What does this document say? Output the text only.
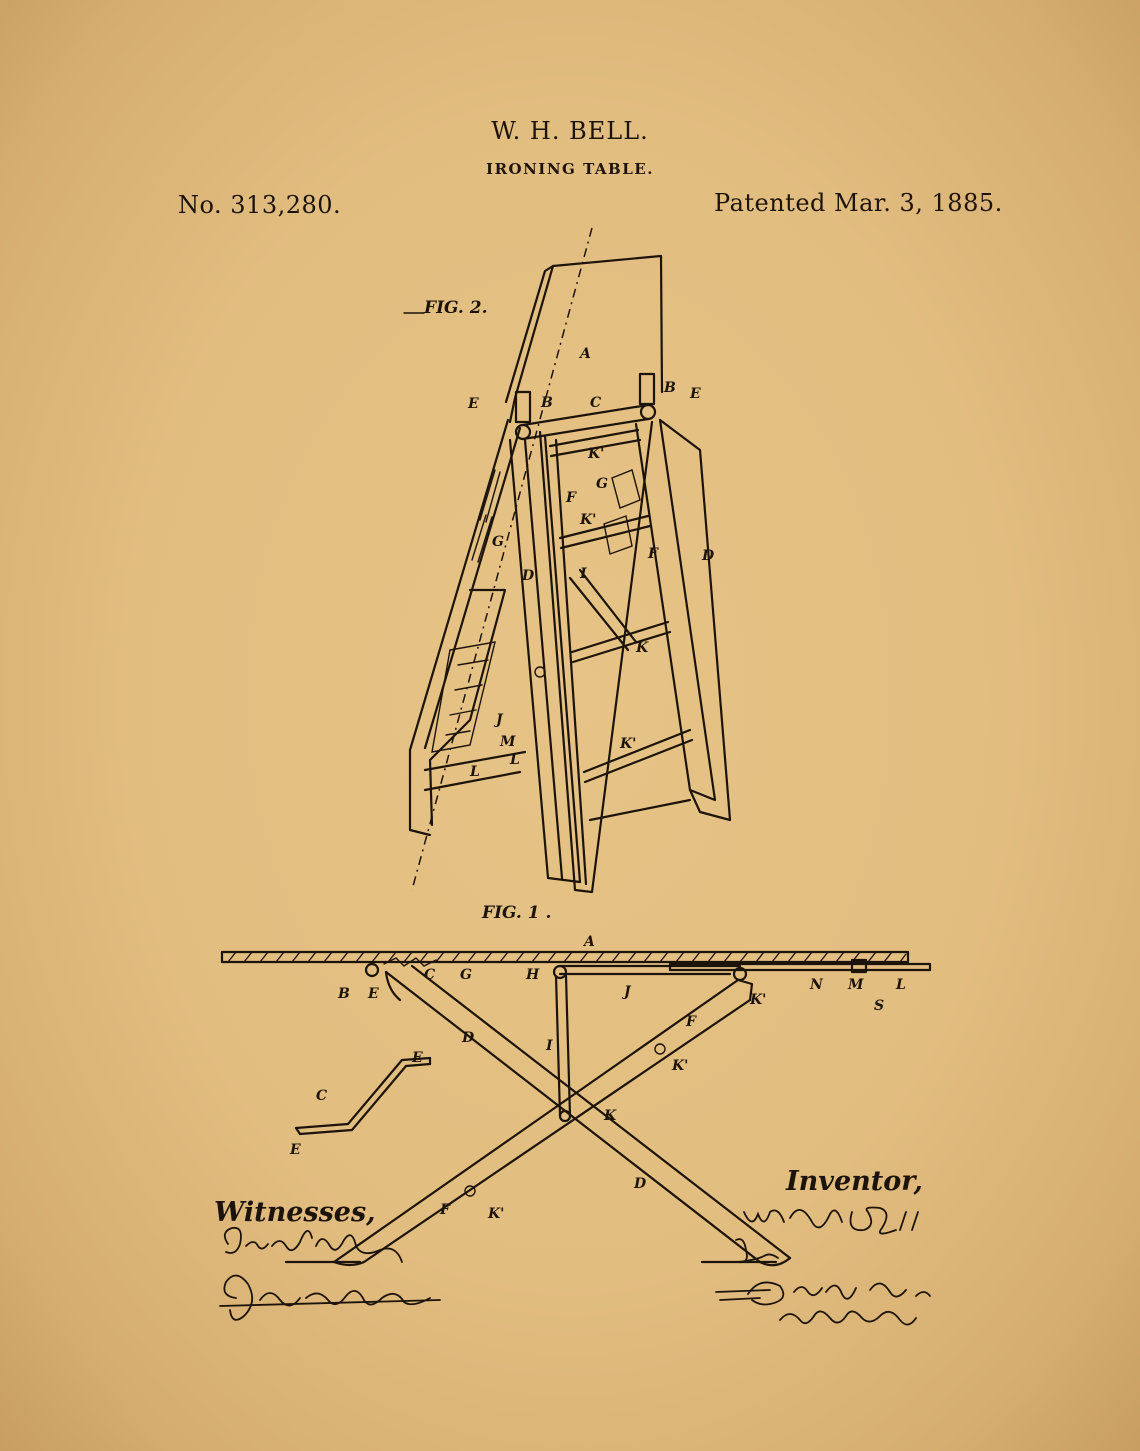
W. H. BELL.
IRONING TABLE.
No. 313,280.	Patented Mar. 3, 1885.
FIG. 2.
A
E	B	C
B E
K'
G
F
K'
G
F	D
D	I
K
J
M
L
L
K'
FIG. 1 .
A
C G	H
B E	J	K'
N M L
S
D
F
K'
I
K
E
C
E
D
F	K'
Witnesses,
Inventor,
